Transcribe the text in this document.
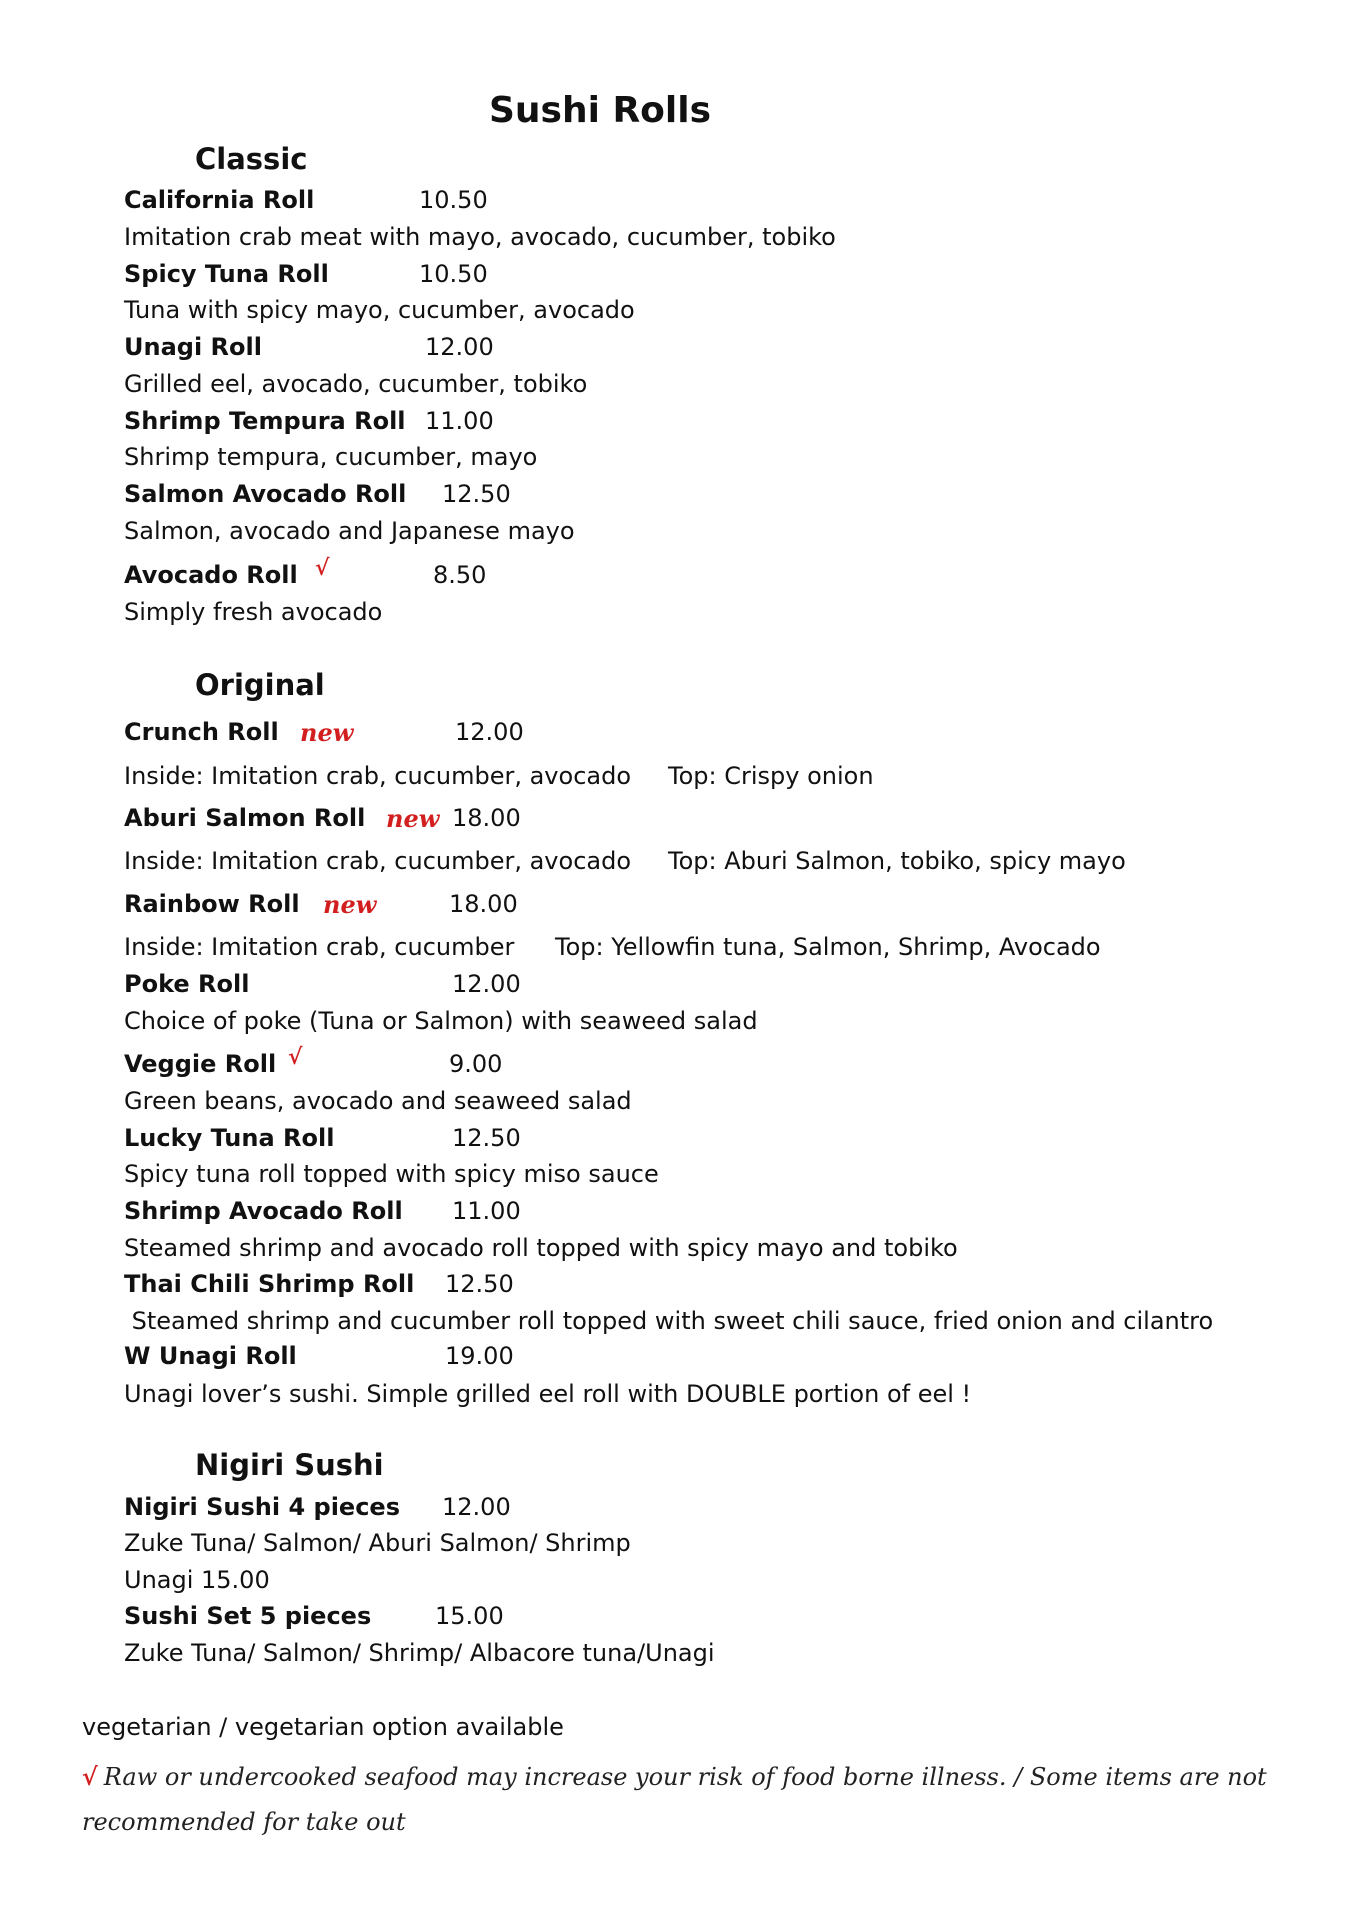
Sushi Rolls
Classic
California Roll	10.50
Imitation crab meat with mayo, avocado, cucumber, tobiko
Spicy Tuna Roll	10.50
Tuna with spicy mayo, cucumber, avocado
Unagi Roll	12.00
Grilled eel, avocado, cucumber, tobiko
Shrimp Tempura Roll 11.00
Shrimp tempura, cucumber, mayo
Salmon Avocado Roll 12.50
Salmon, avocado and Japanese mayo
Avocado Roll √	8.50
Simply fresh avocado
Original
Crunch Roll new	12.00
Inside: Imitation crab, cucumber, avocado Top: Crispy onion
Aburi Salmon Roll new 18.00
Inside: Imitation crab, cucumber, avocado Top: Aburi Salmon, tobiko, spicy mayo
Rainbow Roll new	18.00
Inside: Imitation crab, cucumber Top: Yellowfin tuna, Salmon, Shrimp, Avocado
Poke Roll	12.00
Choice of poke (Tuna or Salmon) with seaweed salad
Veggie Roll √	9.00
Green beans, avocado and seaweed salad
Lucky Tuna Roll	12.50
Spicy tuna roll topped with spicy miso sauce
Shrimp Avocado Roll 11.00
Steamed shrimp and avocado roll topped with spicy mayo and tobiko
Thai Chili Shrimp Roll 12.50
Steamed shrimp and cucumber roll topped with sweet chili sauce, fried onion and cilantro
W Unagi Roll	19.00
Unagi lover’s sushi. Simple grilled eel roll with DOUBLE portion of eel !
Nigiri Sushi
Nigiri Sushi 4 pieces 12.00
Zuke Tuna/ Salmon/ Aburi Salmon/ Shrimp
Unagi 15.00
Sushi Set 5 pieces	15.00
Zuke Tuna/ Salmon/ Shrimp/ Albacore tuna/Unagi
vegetarian / vegetarian option available
√ Raw or undercooked seafood may increase your risk of food borne illness. / Some items are not recommended for take out
